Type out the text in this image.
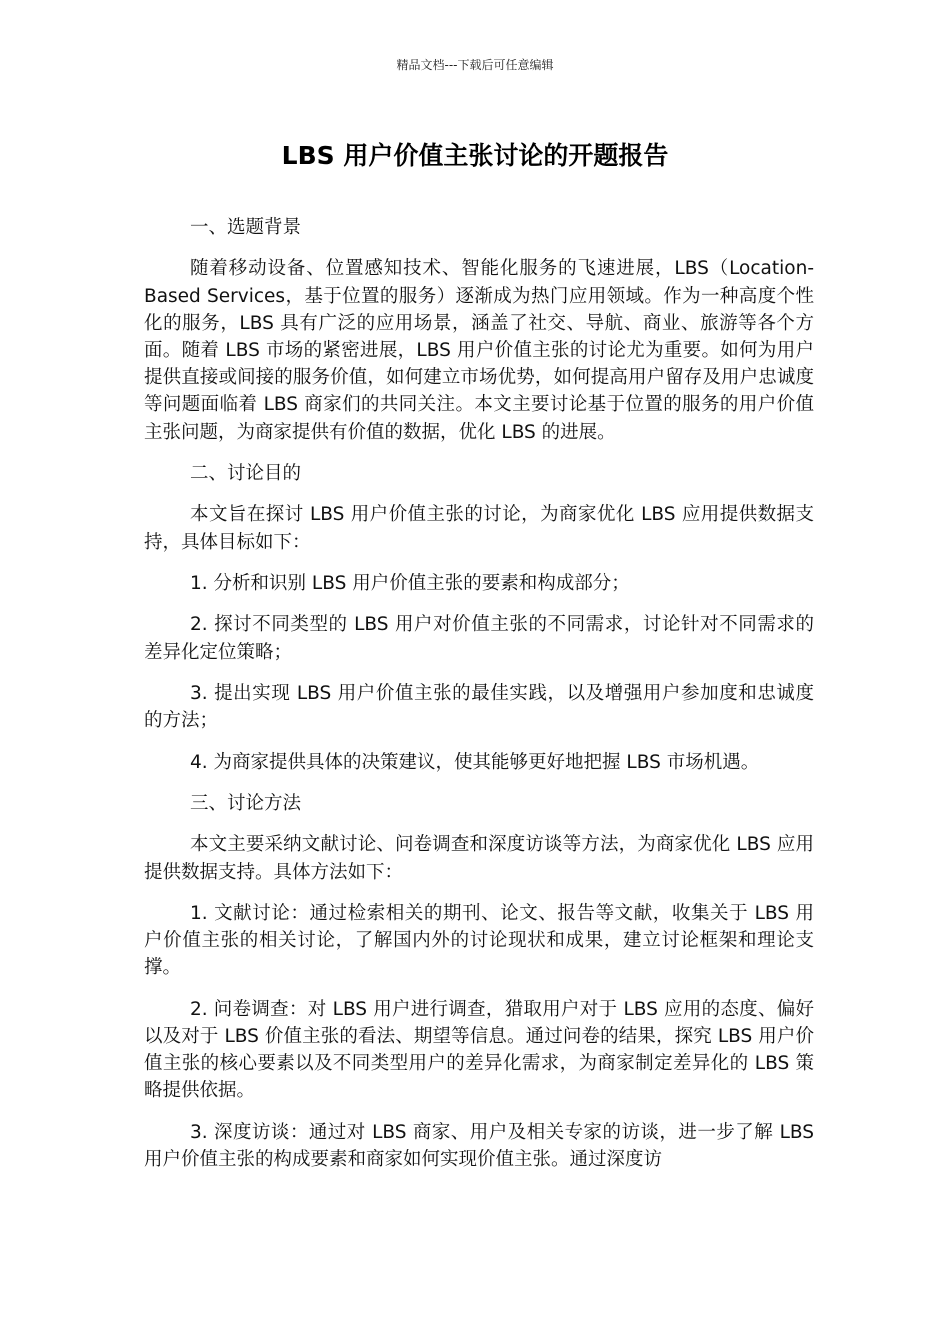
精品文档---下载后可任意编辑
LBS 用户价值主张讨论的开题报告
一、选题背景
随着移动设备、位置感知技术、智能化服务的飞速进展，LBS（Location-Based Services，基于位置的服务）逐渐成为热门应用领域。作为一种高度个性化的服务，LBS 具有广泛的应用场景，涵盖了社交、导航、商业、旅游等各个方面。随着 LBS 市场的紧密进展，LBS 用户价值主张的讨论尤为重要。如何为用户提供直接或间接的服务价值，如何建立市场优势，如何提高用户留存及用户忠诚度等问题面临着 LBS 商家们的共同关注。本文主要讨论基于位置的服务的用户价值主张问题，为商家提供有价值的数据，优化 LBS 的进展。
二、讨论目的
本文旨在探讨 LBS 用户价值主张的讨论，为商家优化 LBS 应用提供数据支持，具体目标如下：
1. 分析和识别 LBS 用户价值主张的要素和构成部分；
2. 探讨不同类型的 LBS 用户对价值主张的不同需求，讨论针对不同需求的差异化定位策略；
3. 提出实现 LBS 用户价值主张的最佳实践，以及增强用户参加度和忠诚度的方法；
4. 为商家提供具体的决策建议，使其能够更好地把握 LBS 市场机遇。
三、讨论方法
本文主要采纳文献讨论、问卷调查和深度访谈等方法，为商家优化 LBS 应用提供数据支持。具体方法如下：
1. 文献讨论：通过检索相关的期刊、论文、报告等文献，收集关于 LBS 用户价值主张的相关讨论，了解国内外的讨论现状和成果，建立讨论框架和理论支撑。
2. 问卷调查：对 LBS 用户进行调查，猎取用户对于 LBS 应用的态度、偏好以及对于 LBS 价值主张的看法、期望等信息。通过问卷的结果，探究 LBS 用户价值主张的核心要素以及不同类型用户的差异化需求，为商家制定差异化的 LBS 策略提供依据。
3. 深度访谈：通过对 LBS 商家、用户及相关专家的访谈，进一步了解 LBS 用户价值主张的构成要素和商家如何实现价值主张。通过深度访
